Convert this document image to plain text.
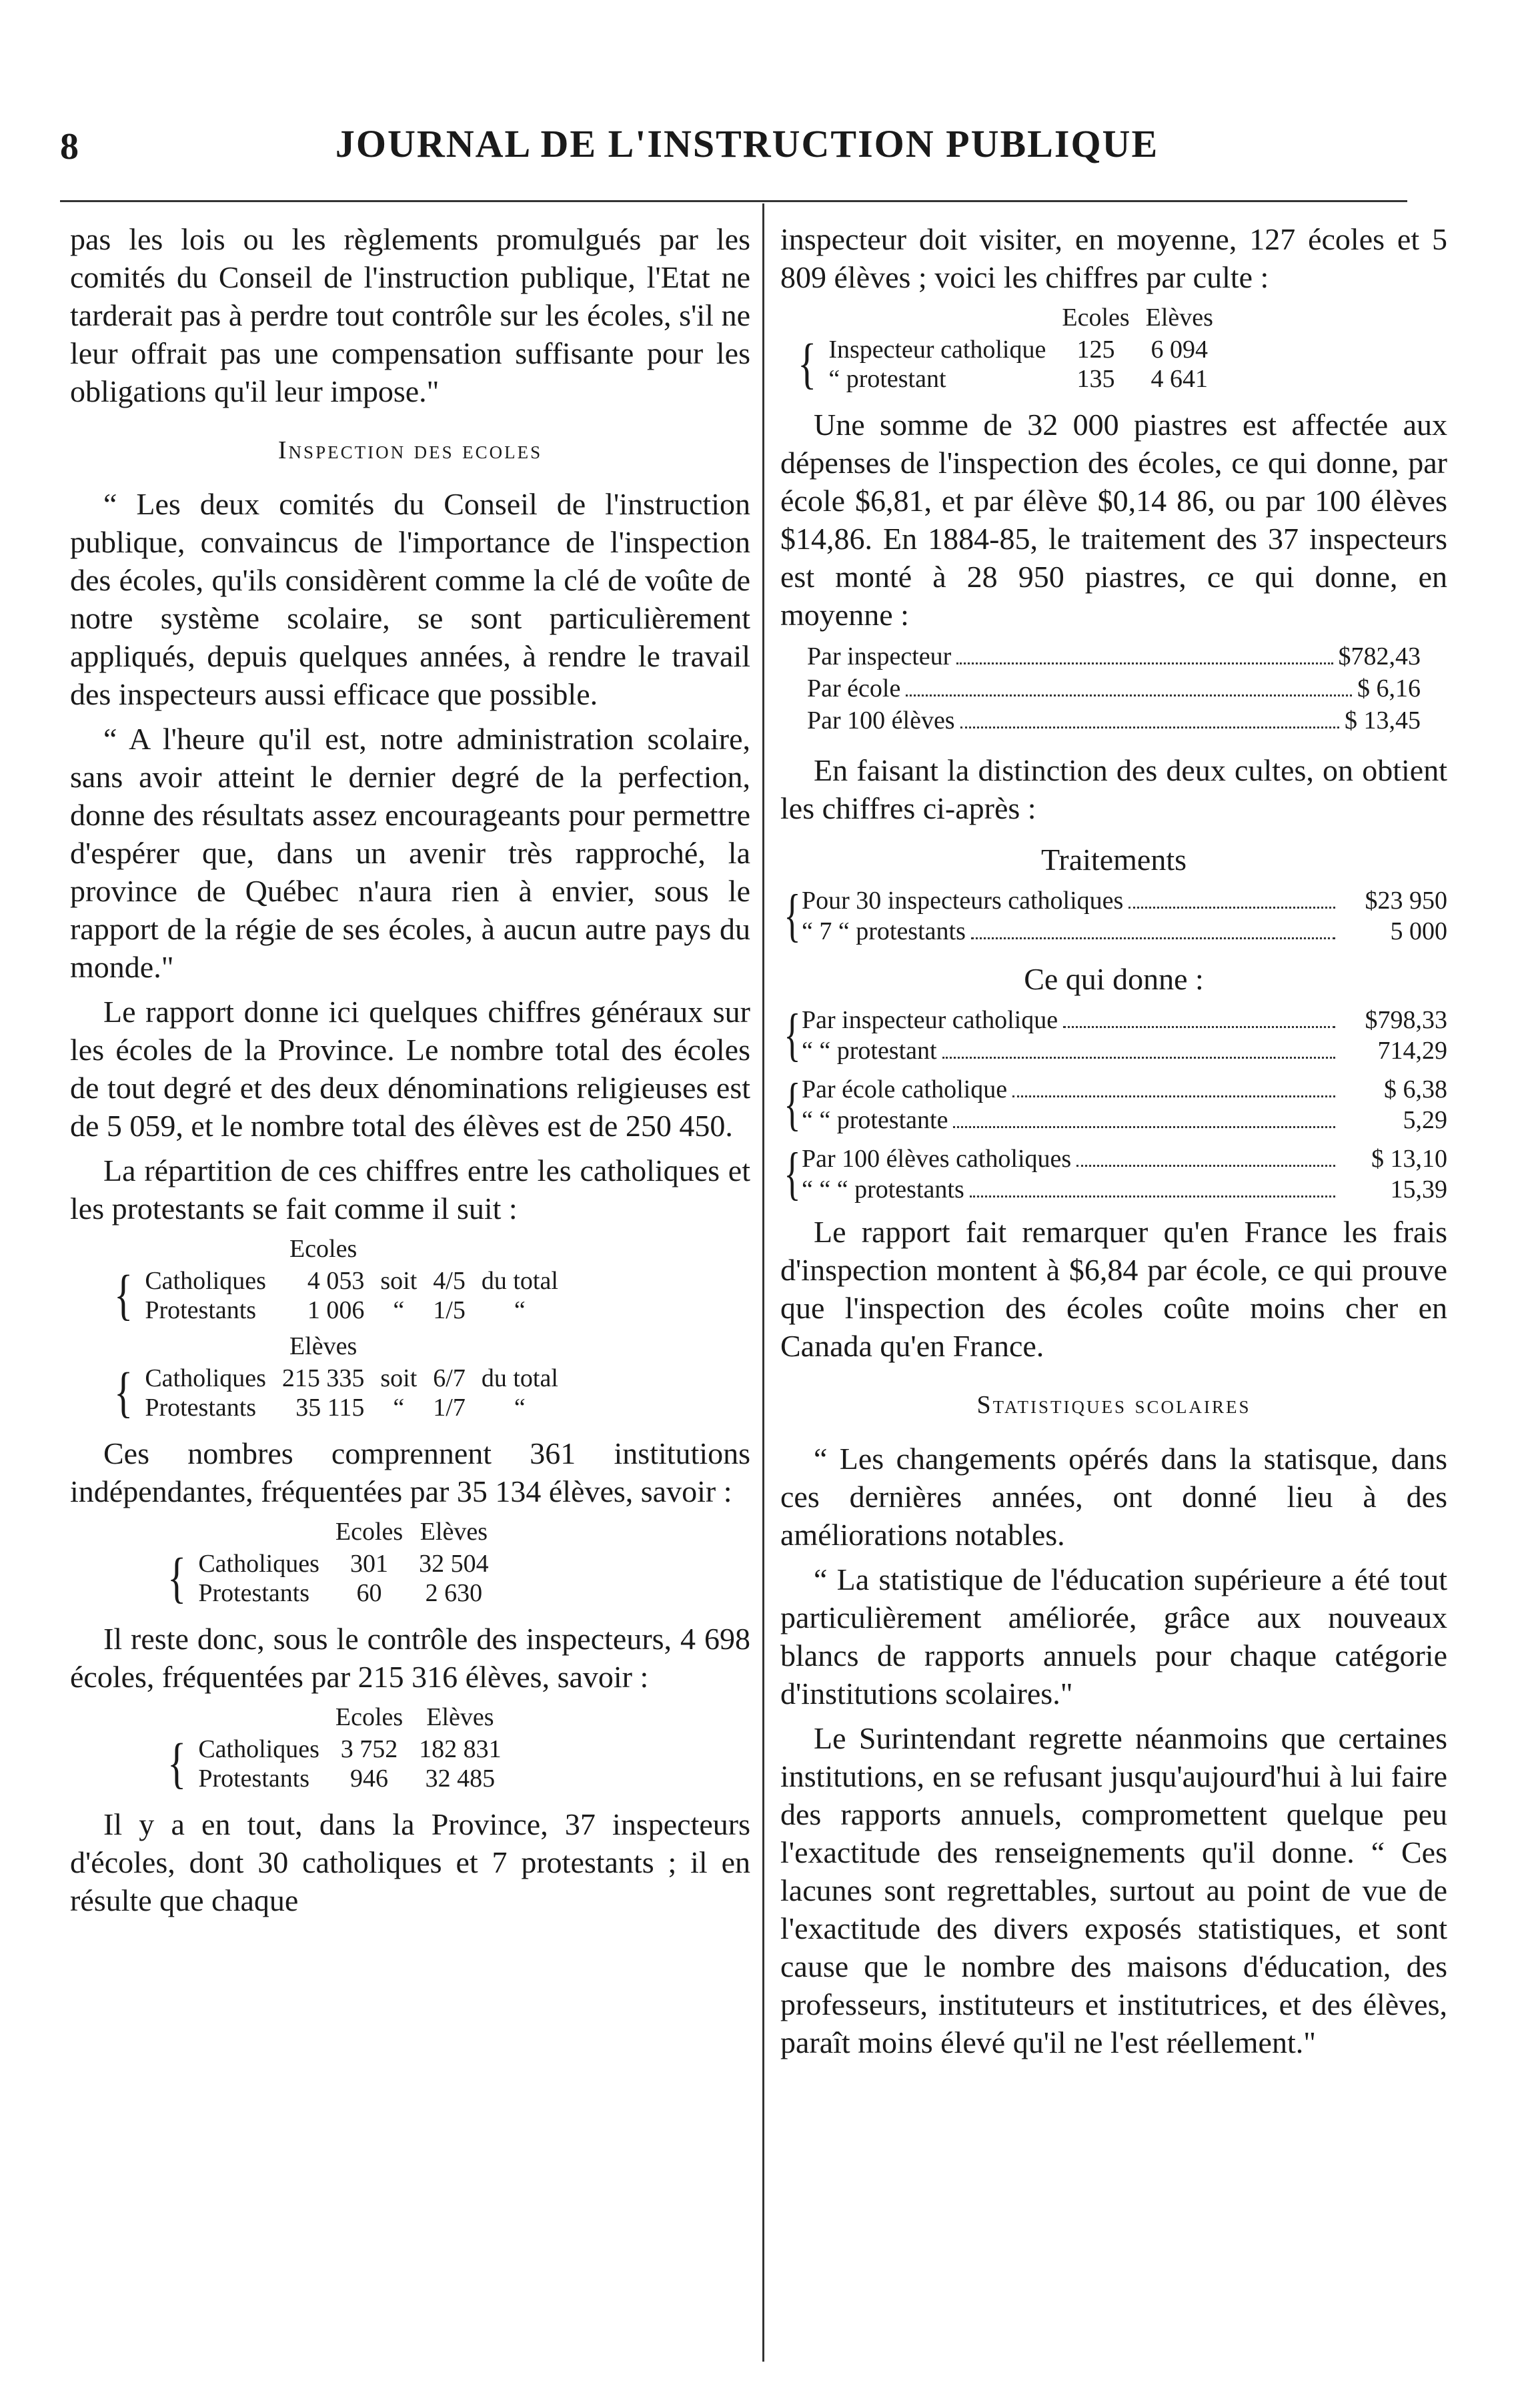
8	JOURNAL DE L'INSTRUCTION PUBLIQUE

pas les lois ou les règlements promulgués par les comités du Conseil de l'instruction publique, l'Etat ne tarderait pas à perdre tout contrôle sur les écoles, s'il ne leur offrait pas une compensation suffisante pour les obligations qu'il leur impose."

Inspection des ecoles

“ Les deux comités du Conseil de l'instruction publique, convaincus de l'importance de l'inspection des écoles, qu'ils considèrent comme la clé de voûte de notre système scolaire, se sont particulièrement appliqués, depuis quelques années, à rendre le travail des inspecteurs aussi efficace que possible.

“ A l'heure qu'il est, notre administration scolaire, sans avoir atteint le dernier degré de la perfection, donne des résultats assez encourageants pour permettre d'espérer que, dans un avenir très rapproché, la province de Québec n'aura rien à envier, sous le rapport de la régie de ses écoles, à aucun autre pays du monde."

Le rapport donne ici quelques chiffres généraux sur les écoles de la Province. Le nombre total des écoles de tout degré et des deux dénominations religieuses est de 5 059, et le nombre total des élèves est de 250 450.

La répartition de ces chiffres entre les catholiques et les protestants se fait comme il suit :

		Ecoles			
{	Catholiques	4 053	soit	4/5	du total
	Protestants	1 006	“	1/5	“
		Elèves			
{	Catholiques	215 335	soit	6/7	du total
	Protestants	35 115	“	1/7	“

Ces nombres comprennent 361 institutions indépendantes, fréquentées par 35 134 élèves, savoir :

		Ecoles	Elèves
{	Catholiques	301	32 504
	Protestants	60	2 630

Il reste donc, sous le contrôle des inspecteurs, 4 698 écoles, fréquentées par 215 316 élèves, savoir :

		Ecoles	Elèves
{	Catholiques	3 752	182 831
	Protestants	946	32 485

Il y a en tout, dans la Province, 37 inspecteurs d'écoles, dont 30 catholiques et 7 protestants ; il en résulte que chaque

inspecteur doit visiter, en moyenne, 127 écoles et 5 809 élèves ; voici les chiffres par culte :

		Ecoles	Elèves
{	Inspecteur catholique	125	6 094
	“ protestant	135	4 641

Une somme de 32 000 piastres est affectée aux dépenses de l'inspection des écoles, ce qui donne, par école $6,81, et par élève $0,14 86, ou par 100 élèves $14,86. En 1884-85, le traitement des 37 inspecteurs est monté à 28 950 piastres, ce qui donne, en moyenne :

Par inspecteur	$782,43
Par école	$ 6,16
Par 100 élèves	$ 13,45

En faisant la distinction des deux cultes, on obtient les chiffres ci-après :

Traitements
{ Pour 30 inspecteurs catholiques	$23 950
“ 7 “ protestants	5 000
Ce qui donne :
{ Par inspecteur catholique	$798,33
“ “ protestant	714,29
{ Par école catholique	$ 6,38
“ “ protestante	5,29
{ Par 100 élèves catholiques	$ 13,10
“ “ “ protestants	15,39

Le rapport fait remarquer qu'en France les frais d'inspection montent à $6,84 par école, ce qui prouve que l'inspection des écoles coûte moins cher en Canada qu'en France.

Statistiques scolaires

“ Les changements opérés dans la statisque, dans ces dernières années, ont donné lieu à des améliorations notables.

“ La statistique de l'éducation supérieure a été tout particulièrement améliorée, grâce aux nouveaux blancs de rapports annuels pour chaque catégorie d'institutions scolaires."

Le Surintendant regrette néanmoins que certaines institutions, en se refusant jusqu'aujourd'hui à lui faire des rapports annuels, compromettent quelque peu l'exactitude des renseignements qu'il donne. “ Ces lacunes sont regrettables, surtout au point de vue de l'exactitude des divers exposés statistiques, et sont cause que le nombre des maisons d'éducation, des professeurs, instituteurs et institutrices, et des élèves, paraît moins élevé qu'il ne l'est réellement."
